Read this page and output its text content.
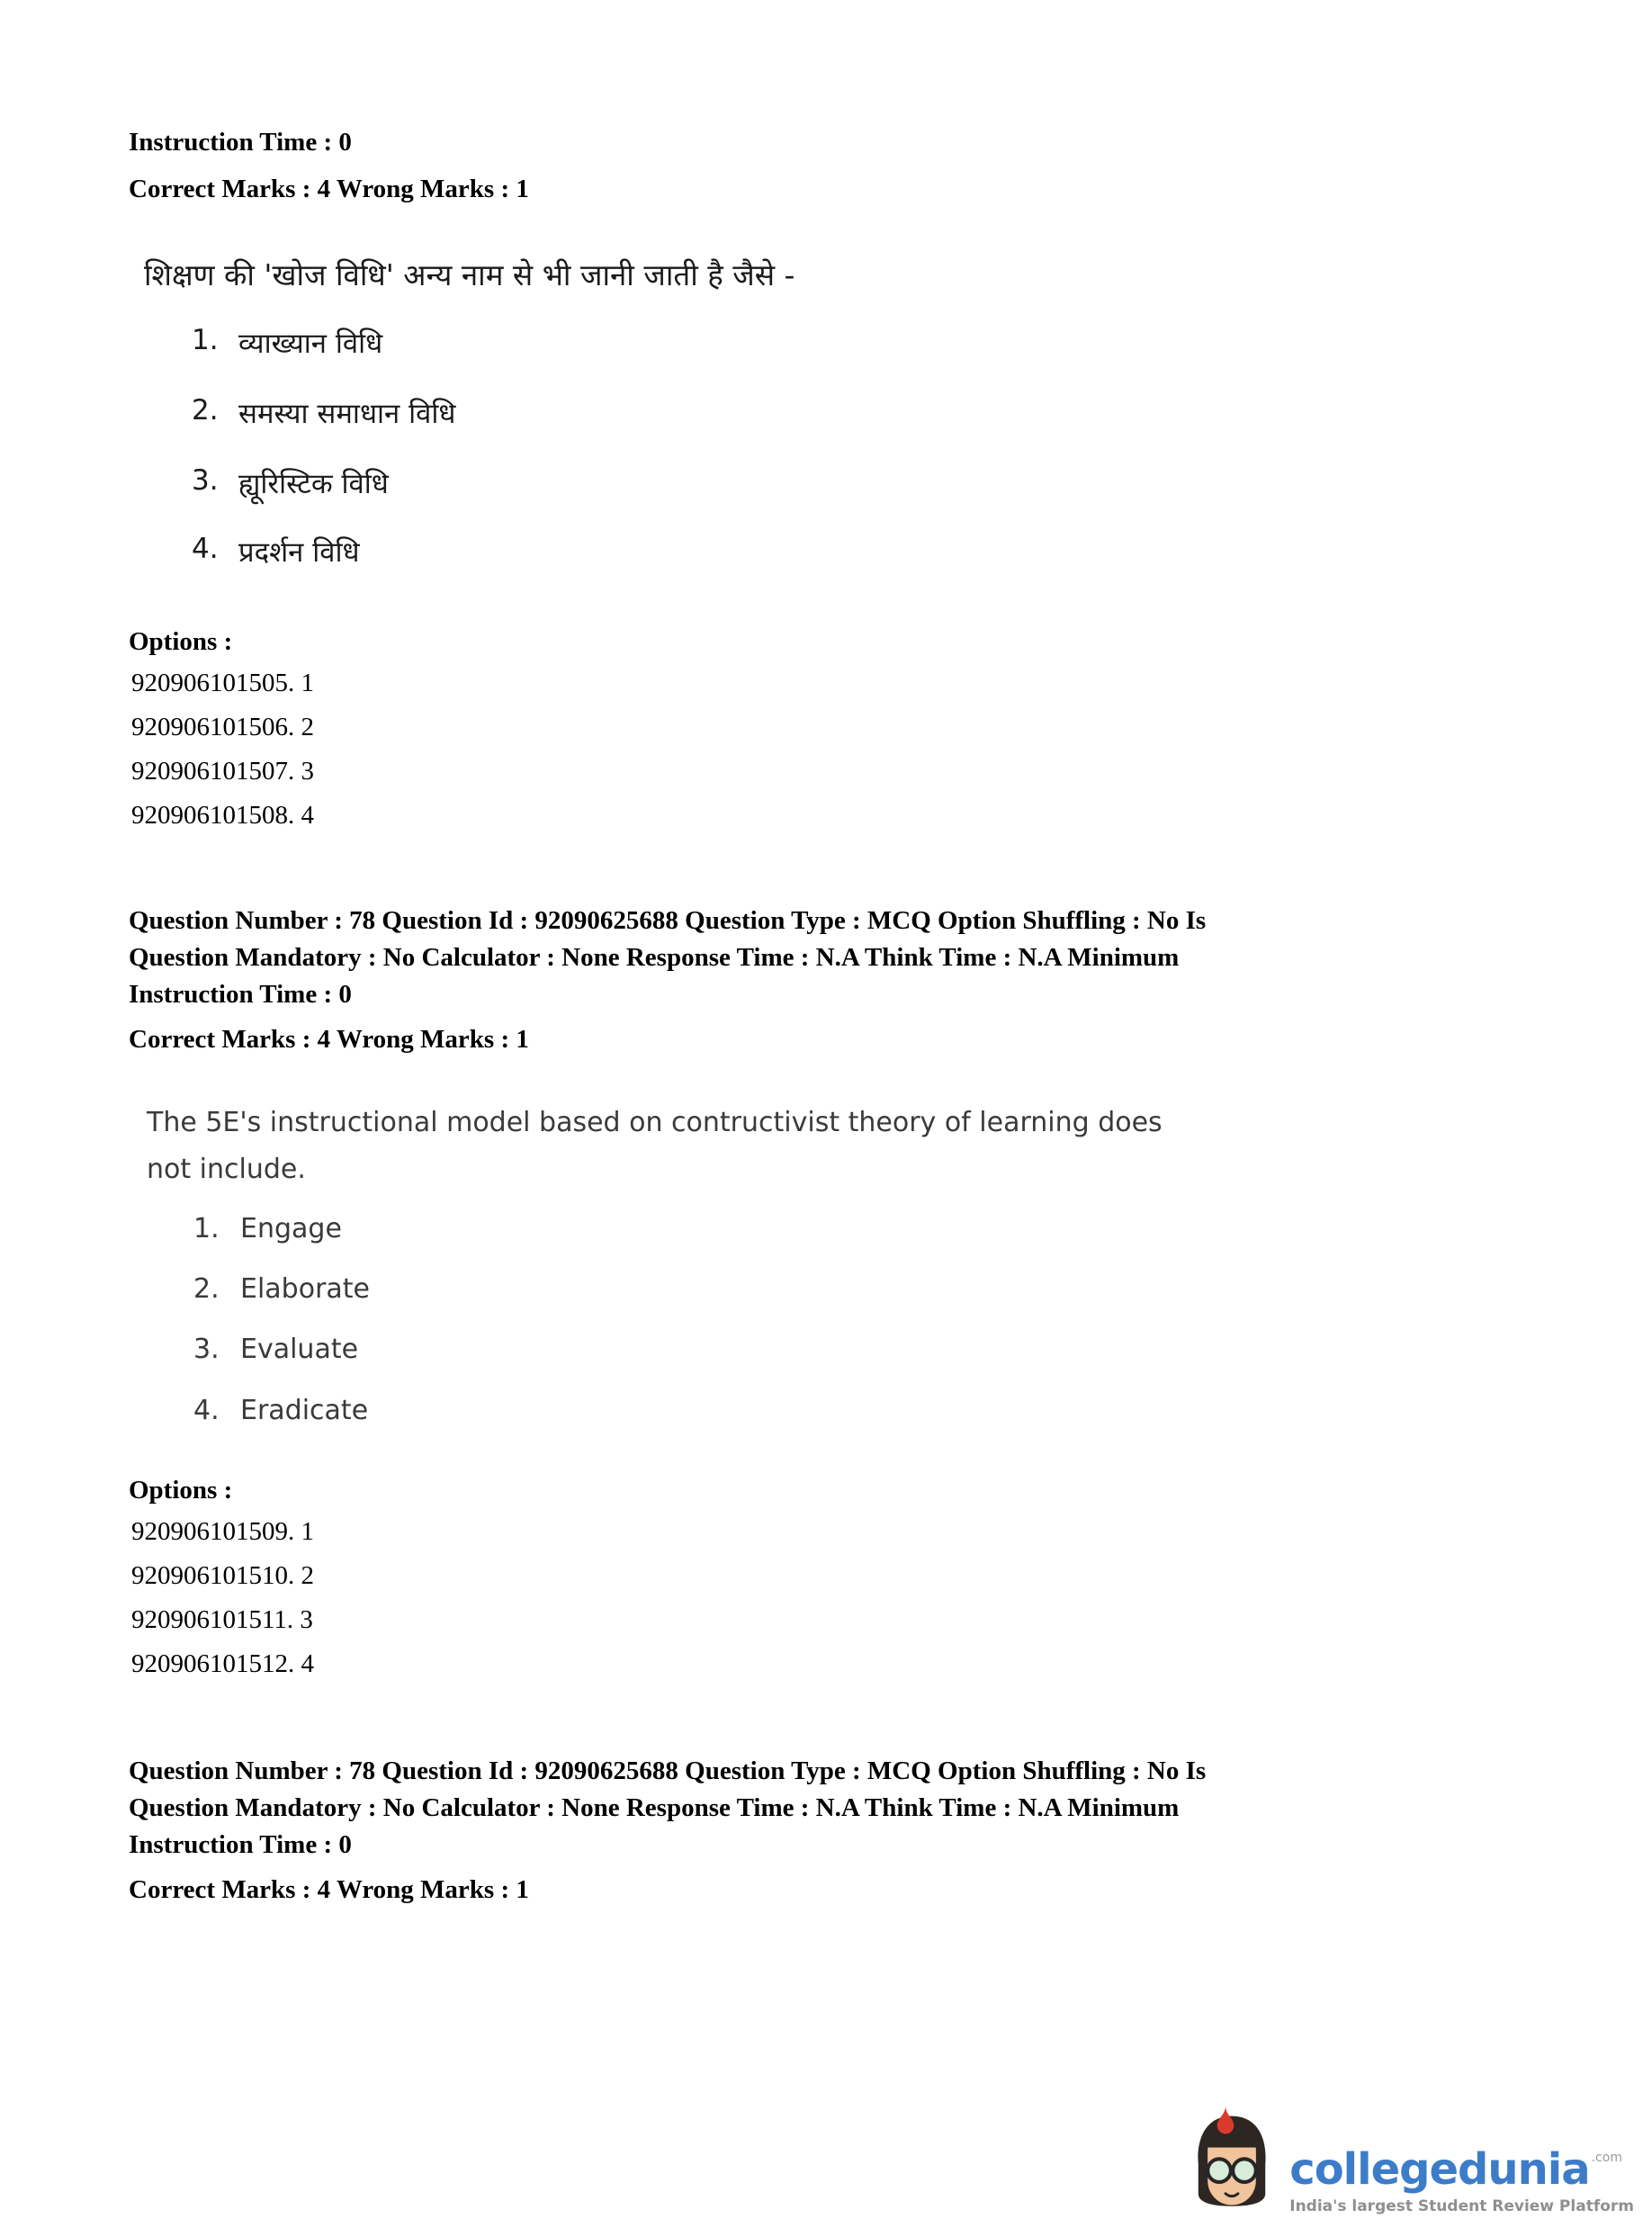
Instruction Time : 0
Correct Marks : 4 Wrong Marks : 1
शिक्षण की 'खोज विधि' अन्य नाम से भी जानी जाती है जैसे -
1. व्याख्यान विधि
2. समस्या समाधान विधि
3. ह्यूरिस्टिक विधि
4. प्रदर्शन विधि
Options :
920906101505. 1
920906101506. 2
920906101507. 3
920906101508. 4
Question Number : 78 Question Id : 92090625688 Question Type : MCQ Option Shuffling : No Is
Question Mandatory : No Calculator : None Response Time : N.A Think Time : N.A Minimum
Instruction Time : 0
Correct Marks : 4 Wrong Marks : 1
The 5E's instructional model based on contructivist theory of learning does
not include.
1. Engage
2. Elaborate
3. Evaluate
4. Eradicate
Options :
920906101509. 1
920906101510. 2
920906101511. 3
920906101512. 4
Question Number : 78 Question Id : 92090625688 Question Type : MCQ Option Shuffling : No Is
Question Mandatory : No Calculator : None Response Time : N.A Think Time : N.A Minimum
Instruction Time : 0
Correct Marks : 4 Wrong Marks : 1
collegedunia .com
India's largest Student Review Platform
